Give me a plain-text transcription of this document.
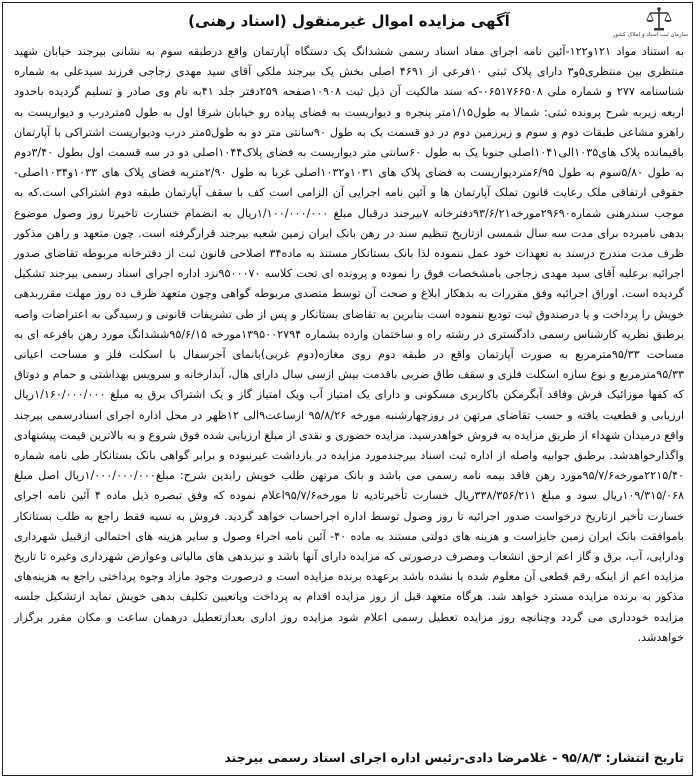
سازمان ثبت اسناد و املاک کشور
آگهی مزایده اموال غیرمنقول (اسناد رهنی)

به استناد مواد ۱۲۱و۱۲۲-آئین نامه اجرای مفاد اسناد رسمی ششدانگ یک دستگاه آپارتمان واقع درطبقه سوم به نشانی بیرجند خیابان شهید منتظری بین منتظری۵و۳ دارای پلاک ثبتی ۱۰فرعی از ۴۶۹۱ اصلی بخش یک بیرجند ملکی آقای سید مهدی زجاجی فرزند سیدعلی به شماره شناسنامه ۲۷۷ و شماره ملی ۰۶۵۱۷۶۶۵۰۸-که سند مالکیت آن ذیل ثبت ۱۰۹۰۸صفحه ۲۵۹دفتر جلد ۴۱به نام وی صادر و تسلیم گردیده باحدود اربعه زیربه شرح پرونده ثبتی: شمالا به طول۱/۱۵متر پنجره و دیواریست به فضای پیاده رو خیابان شرقا اول به طول ۵متردرب و دیواریست به راهرو مشاعی طبقات دوم و سوم و زیرزمین دوم در دو قسمت یک به طول ۹۰سانتی متر دو به طول۵متر درب ودیواریست اشتراکی با آپارتمان باقیمانده پلاک های۱۰۳۵الی۱۰۴۱اصلی جنوبا یک به طول ۶۰سانتی متر دیواریست به فضای پلاک۱۰۴۴اصلی دو در سه قسمت اول بطول ۳/۴۰دوم به طول ۵/۸۰سوم به طول ۶/۹۵متردیواریست به فضای پلاک های ۱۰۳۱و۱۰۳۲اصلی غربا به طول ۲/۹۰متربه فضای پلاک های ۱۰۳۳و۱۰۳۴اصلی-حقوقی ارتفاقی ملک رعایت قانون تملک آپارتمان ها و آئین نامه اجرایی آن الزامی است کف با سقف آپارتمان طبقه دوم اشتراکی است.که به موجب سندرهنی شماره۲۹۶۹۰مورخه۹۳/۶/۲۱دفترخانه ۷بیرجند درقبال مبلغ ۱/۱۰۰/۰۰۰/۰۰۰ریال به انضمام خسارت تاخیرتا روز وصول موضوع بدهی نامبرده برای مدت سه سال شمسی ازتاریخ تنظیم سند در رهن بانک ایران زمین شعبه بیرجند قرارگرفته است. چون متعهد و راهن مذکور ظرف مدت مندرج درسند به تعهدات خود عمل ننموده لذا بانک بستانکار مستند به ماده۳۴ اصلاحی قانون ثبت از دفترخانه مربوطه تقاضای صدور اجرائیه برعلیه آقای سید مهدی زجاجی بامشخصات فوق را نموده و پرونده ای تحت کلاسه ۹۵۰۰۰۷۰نزد اداره اجرای اسناد رسمی بیرجند تشکیل گردیده است. اوراق اجرائیه وفق مقررات به بدهکار ابلاغ و صحت آن توسط متصدی مربوطه گواهی وچون متعهد ظرف ده روز مهلت مقرربدهی خویش را پرداخت و یا درصندوق ثبت تودیع ننموده است بنابرین به تقاضای بستانکار و پس از طی تشریفات قانونی و رسیدگی به اعتراضات واصه برطبق نظریه کارشناس رسمی دادگستری در رشته راه و ساختمان وارده بشماره ۱۳۹۵۰۰۲۷۹۴مورخه ۹۵/۶/۱۵ششدانگ مورد رهن بافرعه ای به مساحت ۹۵/۳۳مترمربع به صورت آپارتمان واقع در طبقه دوم روی مغازه(دوم غربی)بانمای آجرسفال با اسکلت فلز و مساحت اعیانی ۹۵/۳۳مترمربع و نوع سازه اسکلت فلزی و سقف طاق ضربی باقدمت بیش ازسی سال دارای هال، آبدارخانه و سرویس بهداشتی و حمام و دوتاق که کفها موزائیک فرش وفاقد آبگرمکن باکاربری مسکونی و دارای یک امتیاز آب ویک امتیاز گاز و یک اشتراک برق به مبلغ ۱/۱۶۰/۰۰۰/۰۰۰ریال ارزیابی و قطعیت یافته و حسب تقاضای مرتهن در روزچهارشنبه مورخه ۹۵/۸/۲۶ ازساعت۹الی ۱۲ظهر در محل اداره اجرای اسنادرسمی بیرجند واقع درمیدان شهداء از طریق مزایده به فروش خواهدرسید. مزایده حضوری و نقدی از مبلغ ارزیابی شده فوق شروع و به بالاترین قیمت پیشنهادی واگذارخواهدشد. برطبق جوابیه واصله از اداره ثبت اسناد بیرجندمورد مزایده در بازداشت غیرنبوده و برابر گواهی بانک بستانکار طی نامه شماره ۲۲۱۵/۴۰مورخه۹۵/۷/۶مورد رهن فاقد بیمه نامه رسمی می باشد و بانک مرتهن طلب خویش رابدین شرح: مبلغ۱/۰۰۰/۰۰۰/۰۰۰ریال اصل مبلغ ۱۰۹/۳۱۵/۰۶۸ریال سود و مبلغ ۳۳۸/۳۵۶/۲۱۱ریال خسارت تأخیرتادیه تا مورخه۹۵/۷/۶اعلام نموده که وفق تبصره ذیل ماده ۴ آئین نامه اجرای خسارت تأخیر ازتاریخ درخواست صدور اجرائیه تا روز وصول توسط اداره اجراحساب خواهد گردید. فروش به نسیه فقط راجع به طلب بستانکار باموافقت بانک ایران زمین جایزاست و هزینه های دولتی مستند به ماده ۴۰- آئین نامه اجراء وصول و سایر هزینه های احتمالی ازقبیل شهرداری ودارایی، آب، برق و گاز اعم ازحق انشعاب ومصرف درصورتی که مزایده دارای آنها باشد و نیزبدهی های مالیاتی وعوارض شهرداری وغیره تا تاریخ مزایده اعم از اینکه رقم قطعی آن معلوم شده یا نشده باشد برعهده برنده مزایده است و درصورت وجود مازاد وجوه پرداختی راجع به هزینه‌های مذکور به برنده مزایده مسترد خواهد شد. هرگاه متعهد قبل از روز مزایده اقدام به پرداخت وپاتعیین تکلیف بدهی خویش نماید ازتشکیل جلسه مزایده خودداری می گردد وچنانچه روز مزایده تعطیل رسمی اعلام شود مزایده روز اداری بعدازتعطیل درهمان ساعت و مکان مقرر برگزار خواهدشد.

تاریخ انتشار: ۹۵/۸/۳ - غلامرضا دادی-رئیس اداره اجرای اسناد رسمی بیرجند
